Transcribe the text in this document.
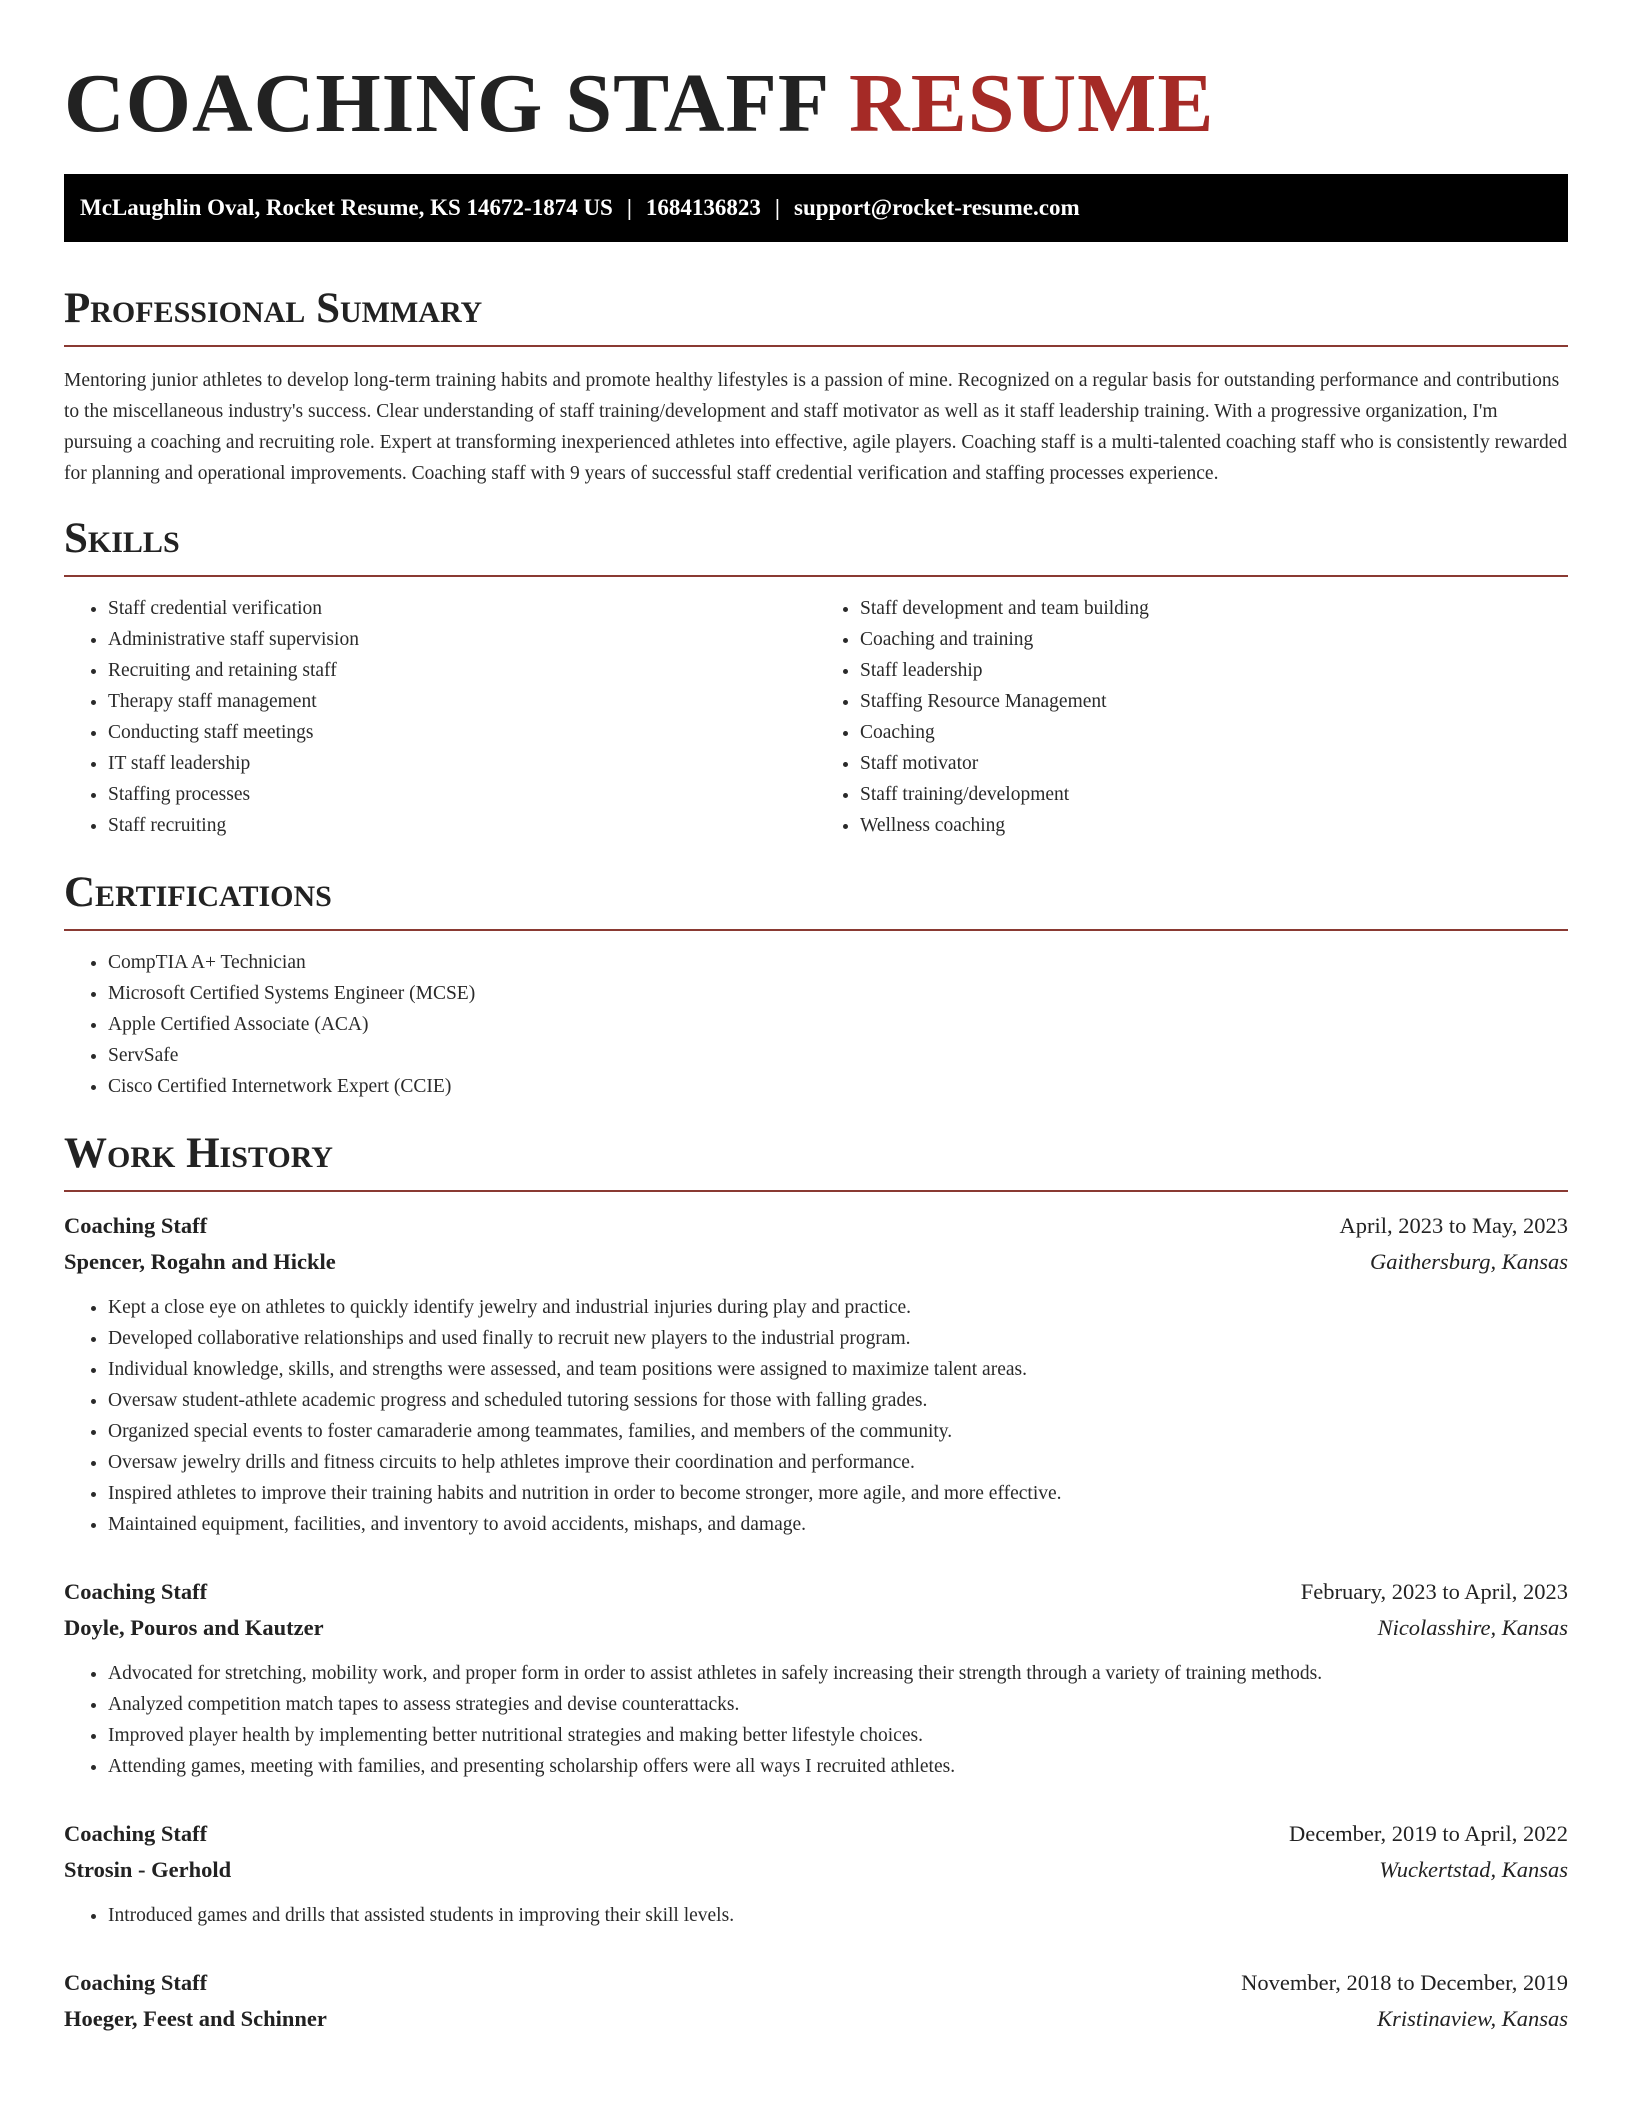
COACHING STAFF RESUME
McLaughlin Oval, Rocket Resume, KS 14672-1874 US | 1684136823 | support@rocket-resume.com
Professional Summary

Mentoring junior athletes to develop long-term training habits and promote healthy lifestyles is a passion of mine. Recognized on a regular basis for outstanding performance and contributions to the miscellaneous industry's success. Clear understanding of staff training/development and staff motivator as well as it staff leadership training. With a progressive organization, I'm pursuing a coaching and recruiting role. Expert at transforming inexperienced athletes into effective, agile players. Coaching staff is a multi-talented coaching staff who is consistently rewarded for planning and operational improvements. Coaching staff with 9 years of successful staff credential verification and staffing processes experience.

Skills
• Staff credential verification
• Administrative staff supervision
• Recruiting and retaining staff
• Therapy staff management
• Conducting staff meetings
• IT staff leadership
• Staffing processes
• Staff recruiting
• Staff development and team building
• Coaching and training
• Staff leadership
• Staffing Resource Management
• Coaching
• Staff motivator
• Staff training/development
• Wellness coaching
Certifications
• CompTIA A+ Technician
• Microsoft Certified Systems Engineer (MCSE)
• Apple Certified Associate (ACA)
• ServSafe
• Cisco Certified Internetwork Expert (CCIE)
Work History
Coaching Staff	April, 2023 to May, 2023
Spencer, Rogahn and Hickle	Gaithersburg, Kansas
• Kept a close eye on athletes to quickly identify jewelry and industrial injuries during play and practice.
• Developed collaborative relationships and used finally to recruit new players to the industrial program.
• Individual knowledge, skills, and strengths were assessed, and team positions were assigned to maximize talent areas.
• Oversaw student-athlete academic progress and scheduled tutoring sessions for those with falling grades.
• Organized special events to foster camaraderie among teammates, families, and members of the community.
• Oversaw jewelry drills and fitness circuits to help athletes improve their coordination and performance.
• Inspired athletes to improve their training habits and nutrition in order to become stronger, more agile, and more effective.
• Maintained equipment, facilities, and inventory to avoid accidents, mishaps, and damage.
Coaching Staff	February, 2023 to April, 2023
Doyle, Pouros and Kautzer	Nicolasshire, Kansas
• Advocated for stretching, mobility work, and proper form in order to assist athletes in safely increasing their strength through a variety of training methods.
• Analyzed competition match tapes to assess strategies and devise counterattacks.
• Improved player health by implementing better nutritional strategies and making better lifestyle choices.
• Attending games, meeting with families, and presenting scholarship offers were all ways I recruited athletes.
Coaching Staff	December, 2019 to April, 2022
Strosin - Gerhold	Wuckertstad, Kansas
• Introduced games and drills that assisted students in improving their skill levels.
Coaching Staff	November, 2018 to December, 2019
Hoeger, Feest and Schinner	Kristinaview, Kansas
